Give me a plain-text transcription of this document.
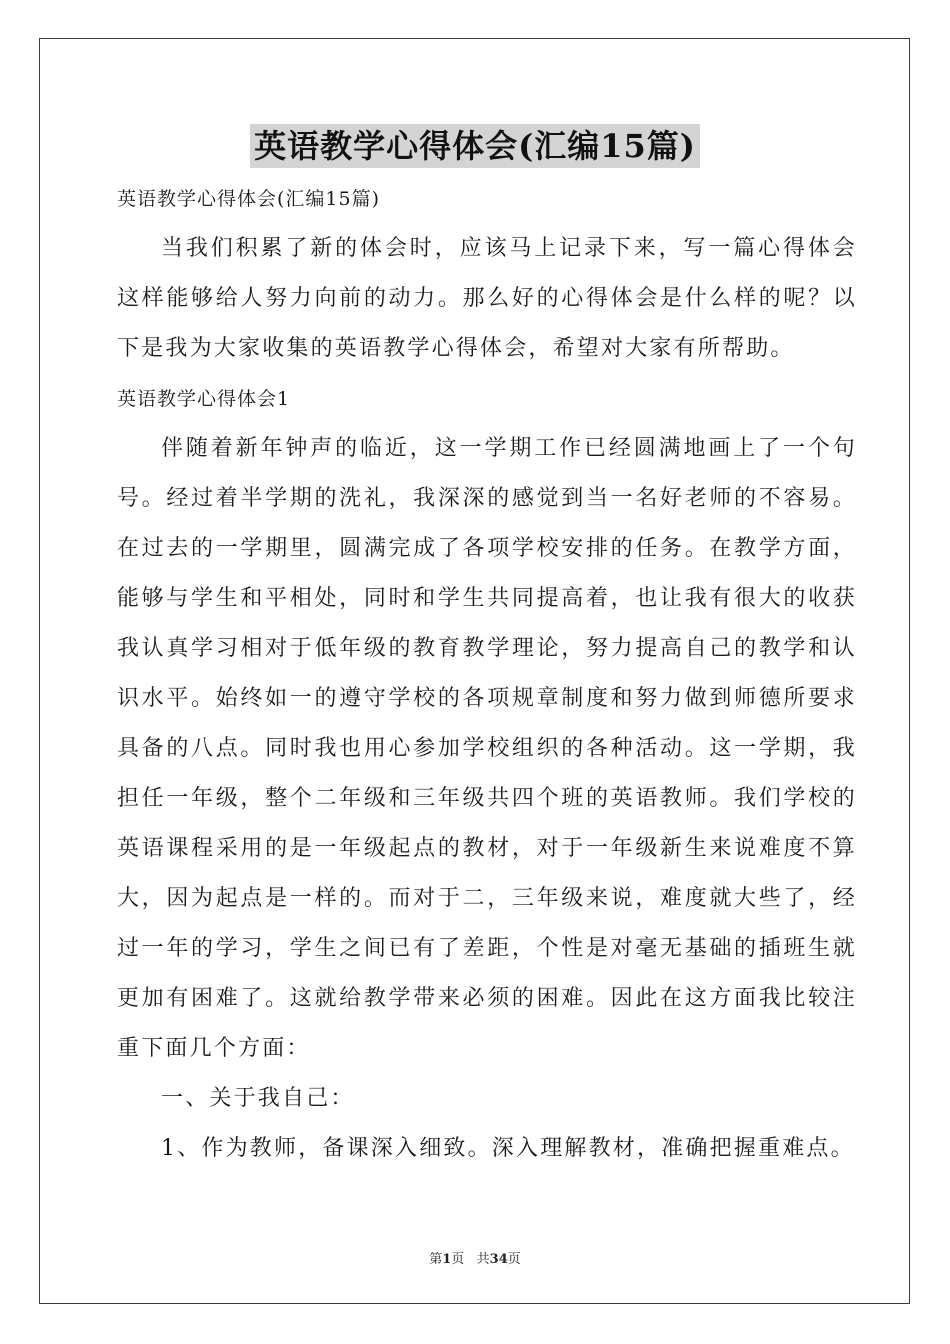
英语教学心得体会(汇编15篇)

英语教学心得体会(汇编15篇)

当我们积累了新的体会时，应该马上记录下来，写一篇心得体会这样能够给人努力向前的动力。那么好的心得体会是什么样的呢？以下是我为大家收集的英语教学心得体会，希望对大家有所帮助。

英语教学心得体会1

伴随着新年钟声的临近，这一学期工作已经圆满地画上了一个句号。经过着半学期的洗礼，我深深的感觉到当一名好老师的不容易。在过去的一学期里，圆满完成了各项学校安排的任务。在教学方面，能够与学生和平相处，同时和学生共同提高着，也让我有很大的收获我认真学习相对于低年级的教育教学理论，努力提高自己的教学和认识水平。始终如一的遵守学校的各项规章制度和努力做到师德所要求具备的八点。同时我也用心参加学校组织的各种活动。这一学期，我担任一年级，整个二年级和三年级共四个班的英语教师。我们学校的英语课程采用的是一年级起点的教材，对于一年级新生来说难度不算大，因为起点是一样的。而对于二，三年级来说，难度就大些了，经过一年的学习，学生之间已有了差距，个性是对毫无基础的插班生就更加有困难了。这就给教学带来必须的困难。因此在这方面我比较注重下面几个方面：

一、关于我自己：

1、作为教师，备课深入细致。深入理解教材，准确把握重难点。

第1页   共34页
